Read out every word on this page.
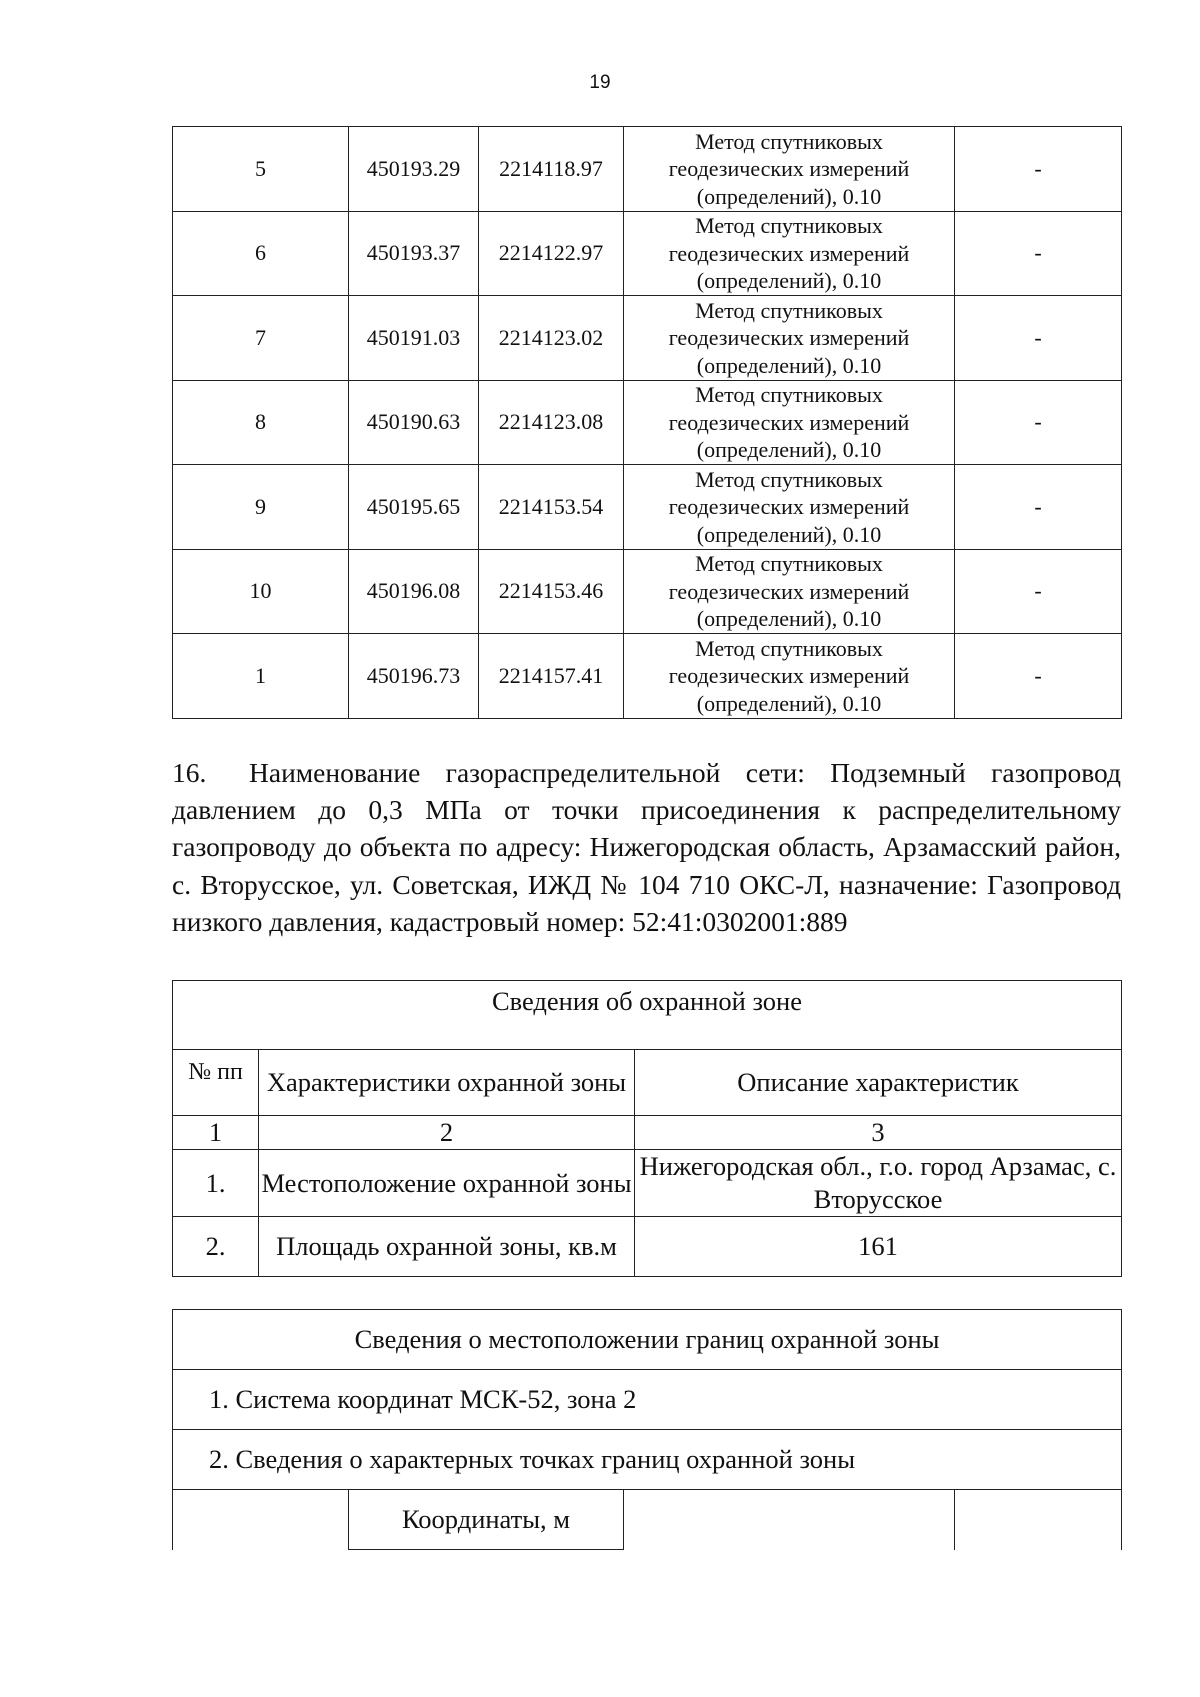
19
5	450193.29	2214118.97	Метод спутниковых
геодезических измерений
(определений), 0.10	-
6	450193.37	2214122.97	Метод спутниковых
геодезических измерений
(определений), 0.10	-
7	450191.03	2214123.02	Метод спутниковых
геодезических измерений
(определений), 0.10	-
8	450190.63	2214123.08	Метод спутниковых
геодезических измерений
(определений), 0.10	-
9	450195.65	2214153.54	Метод спутниковых
геодезических измерений
(определений), 0.10	-
10	450196.08	2214153.46	Метод спутниковых
геодезических измерений
(определений), 0.10	-
1	450196.73	2214157.41	Метод спутниковых
геодезических измерений
(определений), 0.10	-
16. Наименование газораспределительной сети: Подземный газопровод давлением до 0,3 МПа от точки присоединения к распределительному газопроводу до объекта по адресу: Нижегородская область, Арзамасский район, с. Вторусское, ул. Советская, ИЖД № 104 710 ОКС-Л, назначение: Газопровод низкого давления, кадастровый номер: 52:41:0302001:889
Сведения об охранной зоне		
№ пп	Характеристики охранной зоны	Описание характеристик
1	2	3
1.	Местоположение охранной зоны	Нижегородская обл., г.о. город Арзамас, с. Вторусское
2.	Площадь охранной зоны, кв.м	161
Сведения о местоположении границ охранной зоны
1. Система координат МСК-52, зона 2
2. Сведения о характерных точках границ охранной зоны
	Координаты, м		
